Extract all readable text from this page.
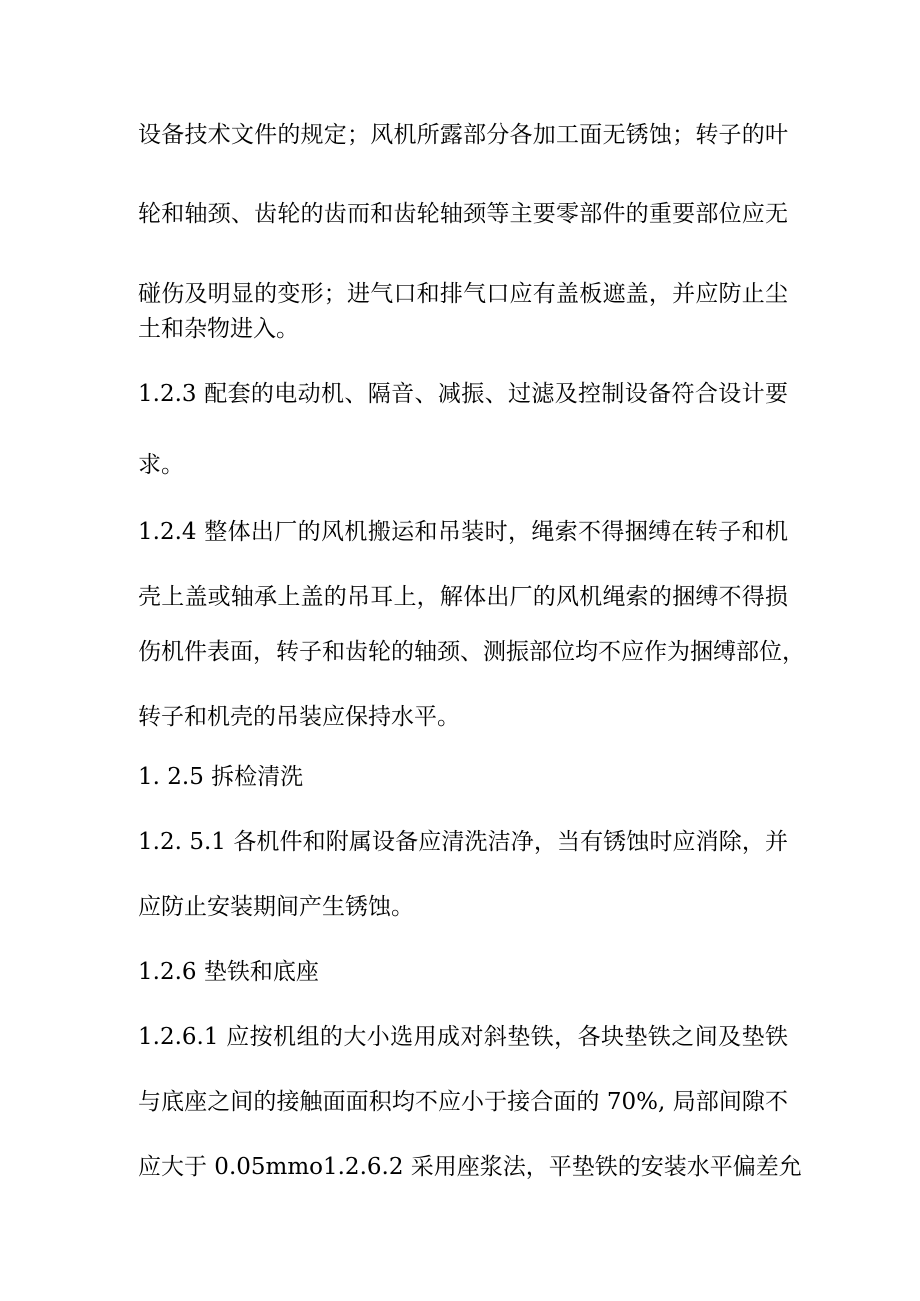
设备技术文件的规定；风机所露部分各加工面无锈蚀；转子的叶
轮和轴颈、齿轮的齿而和齿轮轴颈等主要零部件的重要部位应无
碰伤及明显的变形；进气口和排气口应有盖板遮盖，并应防止尘
土和杂物进入。
1.2.3 配套的电动机、隔音、减振、过滤及控制设备符合设计要
求。
1.2.4 整体出厂的风机搬运和吊装时，绳索不得捆缚在转子和机
壳上盖或轴承上盖的吊耳上，解体出厂的风机绳索的捆缚不得损
伤机件表面，转子和齿轮的轴颈、测振部位均不应作为捆缚部位，
转子和机壳的吊装应保持水平。
1. 2.5 拆检清洗
1.2. 5.1 各机件和附属设备应清洗洁净，当有锈蚀时应消除，并
应防止安装期间产生锈蚀。
1.2.6 垫铁和底座
1.2.6.1 应按机组的大小选用成对斜垫铁，各块垫铁之间及垫铁
与底座之间的接触面面积均不应小于接合面的 70%, 局部间隙不
应大于 0.05mmo1.2.6.2 采用座浆法，平垫铁的安装水平偏差允
